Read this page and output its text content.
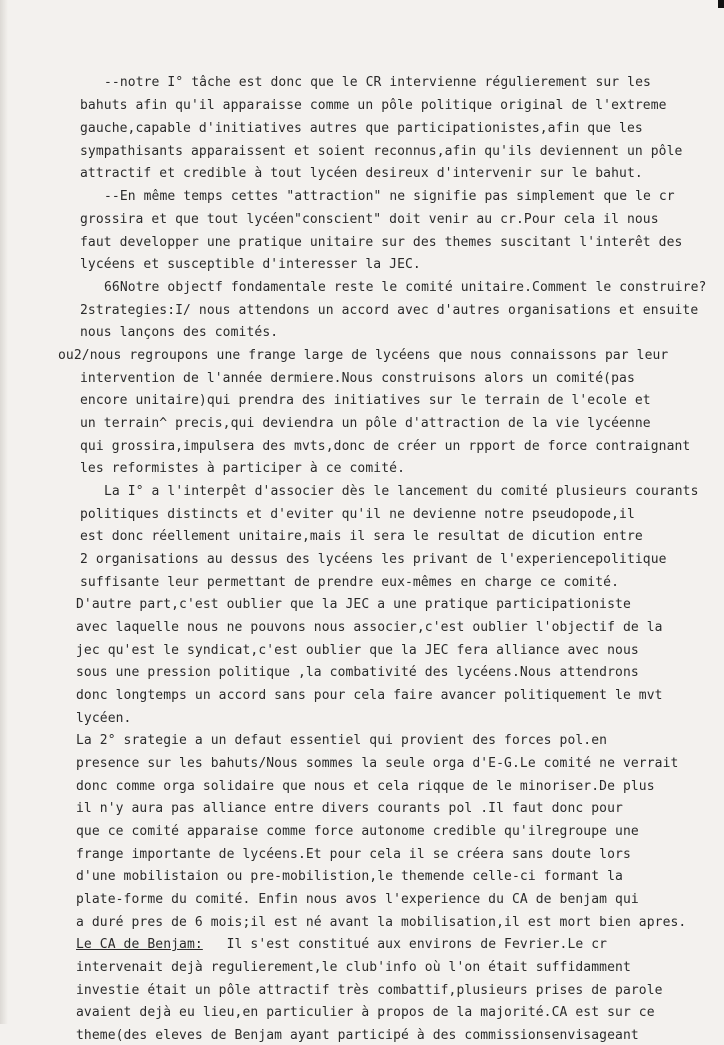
--notre I° tâche est donc que le CR intervienne régulierement sur les

bahuts afin qu'il apparaisse comme un pôle politique original de l'extreme

gauche,capable d'initiatives autres que participationistes,afin que les

sympathisants apparaissent et soient reconnus,afin qu'ils deviennent un pôle

attractif et credible à tout lycéen desireux d'intervenir sur le bahut.

--En même temps cettes "attraction" ne signifie pas simplement que le cr

grossira et que tout lycéen"conscient" doit venir au cr.Pour cela il nous

faut developper une pratique unitaire sur des themes suscitant l'interêt des

lycéens et susceptible d'interesser la JEC.

66Notre objectf fondamentale reste le comité unitaire.Comment le construire?

2strategies:I/ nous attendons un accord avec d'autres organisations et ensuite

nous lançons des comités.

ou2/nous regroupons une frange large de lycéens que nous connaissons par leur

intervention de l'année dermiere.Nous construisons alors un comité(pas

encore unitaire)qui prendra des initiatives sur le terrain de l'ecole et

un terrain^ precis,qui deviendra un pôle d'attraction de la vie lycéenne

qui grossira,impulsera des mvts,donc de créer un rpport de force contraignant

les reformistes à participer à ce comité.

La I° a l'interpêt d'associer dès le lancement du comité plusieurs courants

politiques distincts et d'eviter qu'il ne devienne notre pseudopode,il

est donc réellement unitaire,mais il sera le resultat de dicution entre

2 organisations au dessus des lycéens les privant de l'experiencepolitique

suffisante leur permettant de prendre eux-mêmes en charge ce comité.

D'autre part,c'est oublier que la JEC a une pratique participationiste

avec laquelle nous ne pouvons nous associer,c'est oublier l'objectif de la

jec qu'est le syndicat,c'est oublier que la JEC fera alliance avec nous

sous une pression politique ,la combativité des lycéens.Nous attendrons

donc longtemps un accord sans pour cela faire avancer politiquement le mvt

lycéen.

La 2° srategie a un defaut essentiel qui provient des forces pol.en

presence sur les bahuts/Nous sommes la seule orga d'E-G.Le comité ne verrait

donc comme orga solidaire que nous et cela riqque de le minoriser.De plus

il n'y aura pas alliance entre divers courants pol .Il faut donc pour

que ce comité apparaise comme force autonome credible qu'ilregroupe une

frange importante de lycéens.Et pour cela il se créera sans doute lors

d'une mobilistaion ou pre-mobilistion,le themende celle-ci formant la

plate-forme du comité. Enfin nous avos l'experience du CA de benjam qui

a duré pres de 6 mois;il est né avant la mobilisation,il est mort bien apres.

Le CA de Benjam: Il s'est constitué aux environs de Fevrier.Le cr

intervenait dejà regulierement,le club'info où l'on était suffidamment

investie était un pôle attractif très combattif,plusieurs prises de parole

avaient dejà eu lieu,en particulier à propos de la majorité.CA est sur ce

theme(des eleves de Benjam ayant participé à des commissionsenvisageant
